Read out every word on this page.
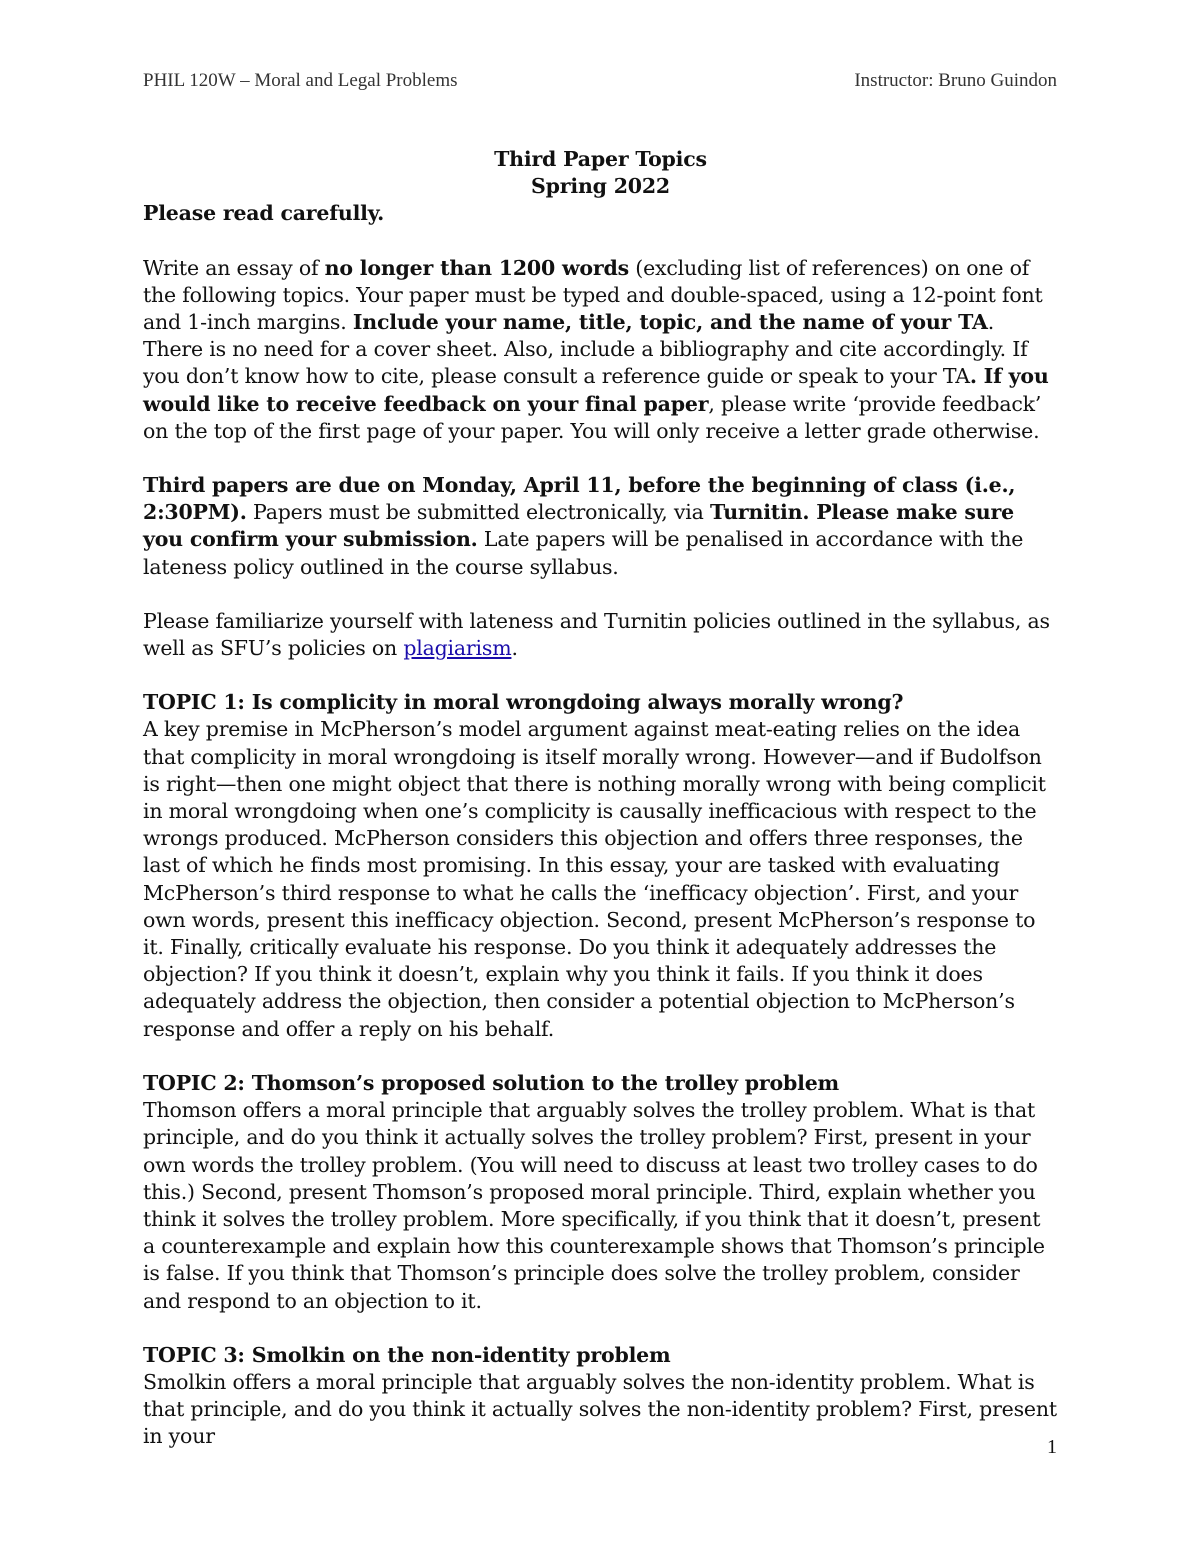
PHIL 120W – Moral and Legal Problems	Instructor: Bruno Guindon

Third Paper Topics

Spring 2022

Please read carefully.

Write an essay of no longer than 1200 words (excluding list of references) on one of the following topics. Your paper must be typed and double-spaced, using a 12-point font and 1-inch margins. Include your name, title, topic, and the name of your TA. There is no need for a cover sheet. Also, include a bibliography and cite accordingly. If you don’t know how to cite, please consult a reference guide or speak to your TA. If you would like to receive feedback on your final paper, please write ‘provide feedback’ on the top of the first page of your paper. You will only receive a letter grade otherwise.

Third papers are due on Monday, April 11, before the beginning of class (i.e., 2:30PM). Papers must be submitted electronically, via Turnitin. Please make sure you confirm your submission. Late papers will be penalised in accordance with the lateness policy outlined in the course syllabus.

Please familiarize yourself with lateness and Turnitin policies outlined in the syllabus, as well as SFU’s policies on plagiarism.

TOPIC 1: Is complicity in moral wrongdoing always morally wrong?

A key premise in McPherson’s model argument against meat-eating relies on the idea that complicity in moral wrongdoing is itself morally wrong. However—and if Budolfson is right—then one might object that there is nothing morally wrong with being complicit in moral wrongdoing when one’s complicity is causally inefficacious with respect to the wrongs produced. McPherson considers this objection and offers three responses, the last of which he finds most promising. In this essay, your are tasked with evaluating McPherson’s third response to what he calls the ‘inefficacy objection’. First, and your own words, present this inefficacy objection. Second, present McPherson’s response to it. Finally, critically evaluate his response. Do you think it adequately addresses the objection? If you think it doesn’t, explain why you think it fails. If you think it does adequately address the objection, then consider a potential objection to McPherson’s response and offer a reply on his behalf.

TOPIC 2: Thomson’s proposed solution to the trolley problem

Thomson offers a moral principle that arguably solves the trolley problem. What is that principle, and do you think it actually solves the trolley problem? First, present in your own words the trolley problem. (You will need to discuss at least two trolley cases to do this.) Second, present Thomson’s proposed moral principle. Third, explain whether you think it solves the trolley problem. More specifically, if you think that it doesn’t, present a counterexample and explain how this counterexample shows that Thomson’s principle is false. If you think that Thomson’s principle does solve the trolley problem, consider and respond to an objection to it.

TOPIC 3: Smolkin on the non-identity problem

Smolkin offers a moral principle that arguably solves the non-identity problem. What is that principle, and do you think it actually solves the non-identity problem? First, present in your	1
